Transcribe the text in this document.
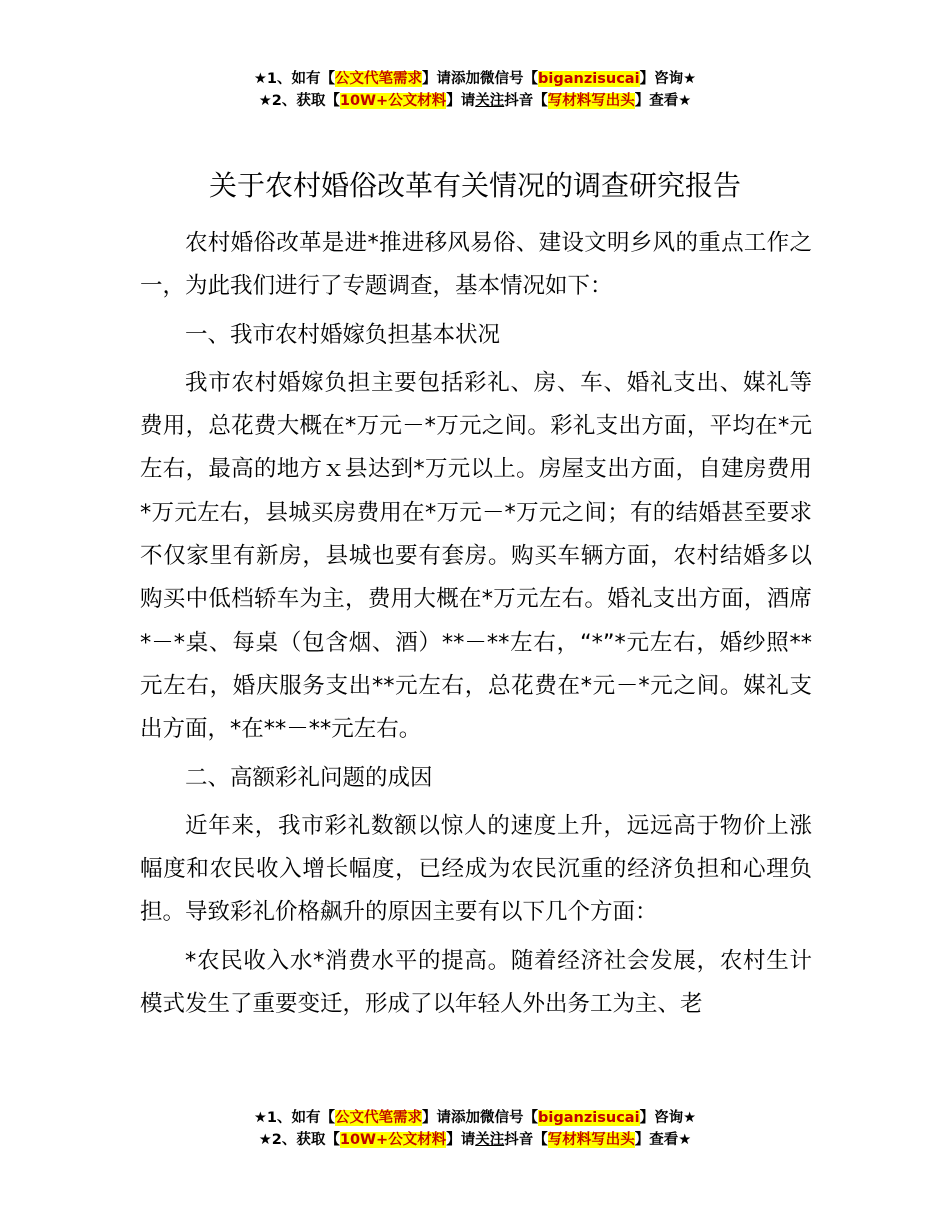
★1、如有【公文代笔需求】请添加微信号【biganzisucai】咨询★
★2、获取【10W+公文材料】请关注抖音【写材料写出头】查看★
关于农村婚俗改革有关情况的调查研究报告

农村婚俗改革是进*推进移风易俗、建设文明乡风的重点工作之一，为此我们进行了专题调查，基本情况如下：

一、我市农村婚嫁负担基本状况

我市农村婚嫁负担主要包括彩礼、房、车、婚礼支出、媒礼等费用，总花费大概在*万元－*万元之间。彩礼支出方面，平均在*元左右，最高的地方ｘ县达到*万元以上。房屋支出方面，自建房费用*万元左右，县城买房费用在*万元－*万元之间；有的结婚甚至要求不仅家里有新房，县城也要有套房。购买车辆方面，农村结婚多以购买中低档轿车为主，费用大概在*万元左右。婚礼支出方面，酒席*－*桌、每桌（包含烟、酒）**－**左右，“*”*元左右，婚纱照**元左右，婚庆服务支出**元左右，总花费在*元－*元之间。媒礼支出方面，*在**－**元左右。

二、高额彩礼问题的成因

近年来，我市彩礼数额以惊人的速度上升，远远高于物价上涨幅度和农民收入增长幅度，已经成为农民沉重的经济负担和心理负担。导致彩礼价格飙升的原因主要有以下几个方面：

*农民收入水*消费水平的提高。随着经济社会发展，农村生计模式发生了重要变迁，形成了以年轻人外出务工为主、老

★1、如有【公文代笔需求】请添加微信号【biganzisucai】咨询★
★2、获取【10W+公文材料】请关注抖音【写材料写出头】查看★
